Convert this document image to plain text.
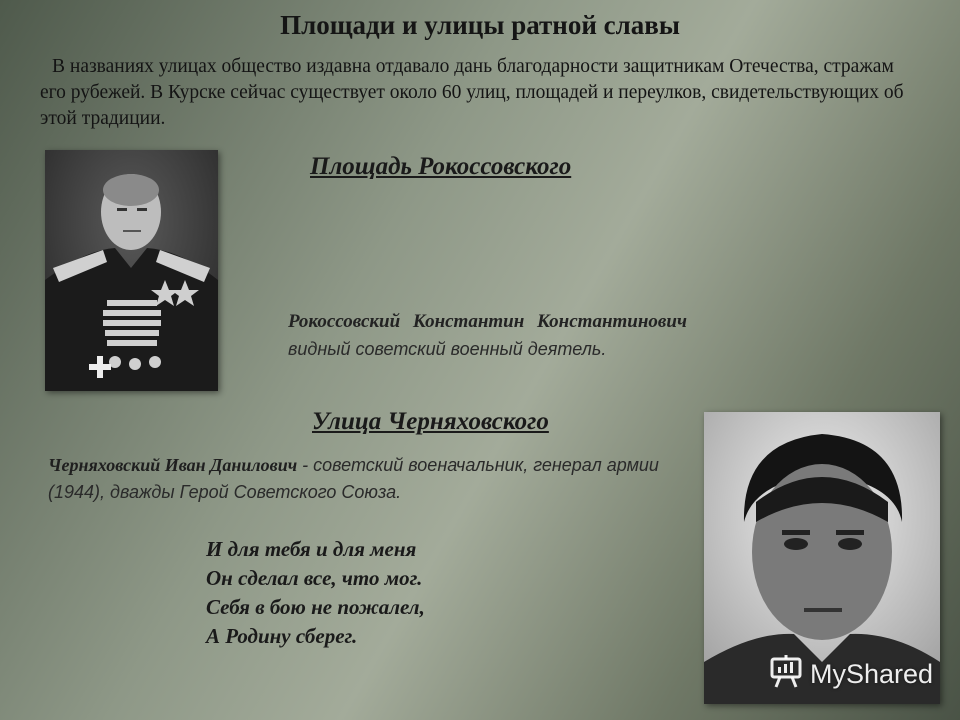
Площади и улицы ратной славы
В названиях улицах общество издавна отдавало дань благодарности защитникам Отечества, стражам его рубежей. В Курске сейчас существует около 60 улиц, площадей и переулков, свидетельствующих об этой традиции.
Площадь Рокоссовского
Рокоссовский Константин Константинович
видный советский военный деятель.
Улица Черняховского
Черняховский Иван Данилович - советский военачальник, генерал армии (1944), дважды Герой Советского Союза.
И для тебя и для меня
Он сделал все, что мог.
Себя в бою не пожалел,
А Родину сберег.
MyShared
